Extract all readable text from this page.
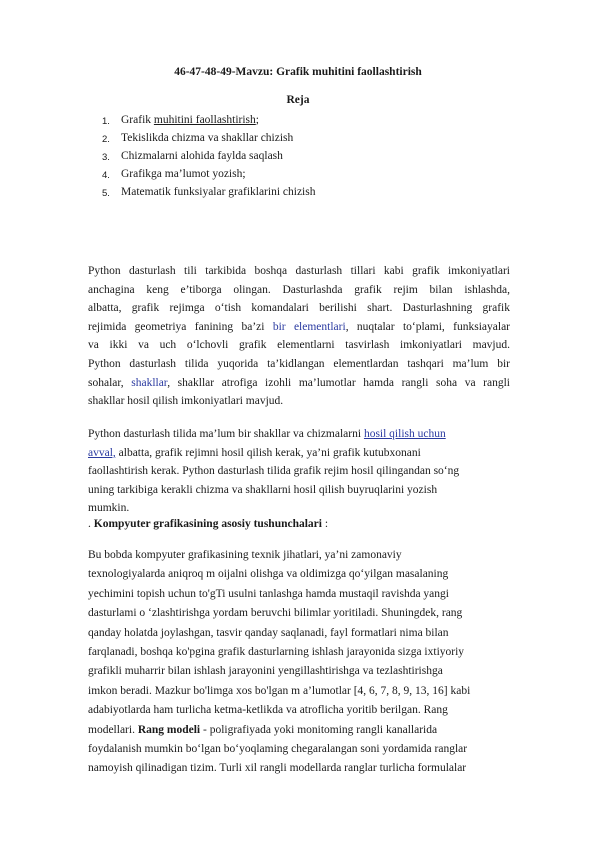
46-47-48-49-Mavzu: Grafik muhitini faollashtirish
Reja
1. Grafik muhitini faollashtirish;
2. Tekislikda chizma va shakllar chizish
3. Chizmalarni alohida faylda saqlash
4. Grafikga ma’lumot yozish;
5. Matematik funksiyalar grafiklarini chizish

Python dasturlash tili tarkibida boshqa dasturlash tillari kabi grafik imkoniyatlari
anchagina keng e’tiborga olingan. Dasturlashda grafik rejim bilan ishlashda,
albatta, grafik rejimga o‘tish komandalari berilishi shart. Dasturlashning grafik
rejimida geometriya fanining ba’zi bir elementlari, nuqtalar to‘plami, funksiayalar
va ikki va uch o‘lchovli grafik elementlarni tasvirlash imkoniyatlari mavjud.
Python dasturlash tilida yuqorida ta’kidlangan elementlardan tashqari ma’lum bir
sohalar, shakllar, shakllar atrofiga izohli ma’lumotlar hamda rangli soha va rangli
shakllar hosil qilish imkoniyatlari mavjud.

Python dasturlash tilida ma’lum bir shakllar va chizmalarni hosil qilish uchun
avval, albatta, grafik rejimni hosil qilish kerak, ya’ni grafik kutubxonani
faollashtirish kerak. Python dasturlash tilida grafik rejim hosil qilingandan so‘ng
uning tarkibiga kerakli chizma va shakllarni hosil qilish buyruqlarini yozish
mumkin.

. Kompyuter grafikasining asosiy tushunchalari :

Bu bobda kompyuter grafikasining texnik jihatlari, ya’ni zamonaviy
texnologiyalarda aniqroq m oijalni olishga va oldimizga qo‘yilgan masalaning
yechimini topish uchun to'gTi usulni tanlashga hamda mustaqil ravishda yangi
dasturlami o ‘zlashtirishga yordam beruvchi bilimlar yoritiladi. Shuningdek, rang
qanday holatda joylashgan, tasvir qanday saqlanadi, fayl formatlari nima bilan
farqlanadi, boshqa ko'pgina grafik dasturlarning ishlash jarayonida sizga ixtiyoriy
grafikli muharrir bilan ishlash jarayonini yengillashtirishga va tezlashtirishga
imkon beradi. Mazkur bo'limga xos bo'lgan m a’lumotlar [4, 6, 7, 8, 9, 13, 16] kabi
adabiyotlarda ham turlicha ketma-ketlikda va atroflicha yoritib berilgan. Rang
modellari. Rang modeli - poligrafiyada yoki monitoming rangli kanallarida
foydalanish mumkin bo‘lgan bo‘yoqlaming chegaralangan soni yordamida ranglar
namoyish qilinadigan tizim. Turli xil rangli modellarda ranglar turlicha formulalar
